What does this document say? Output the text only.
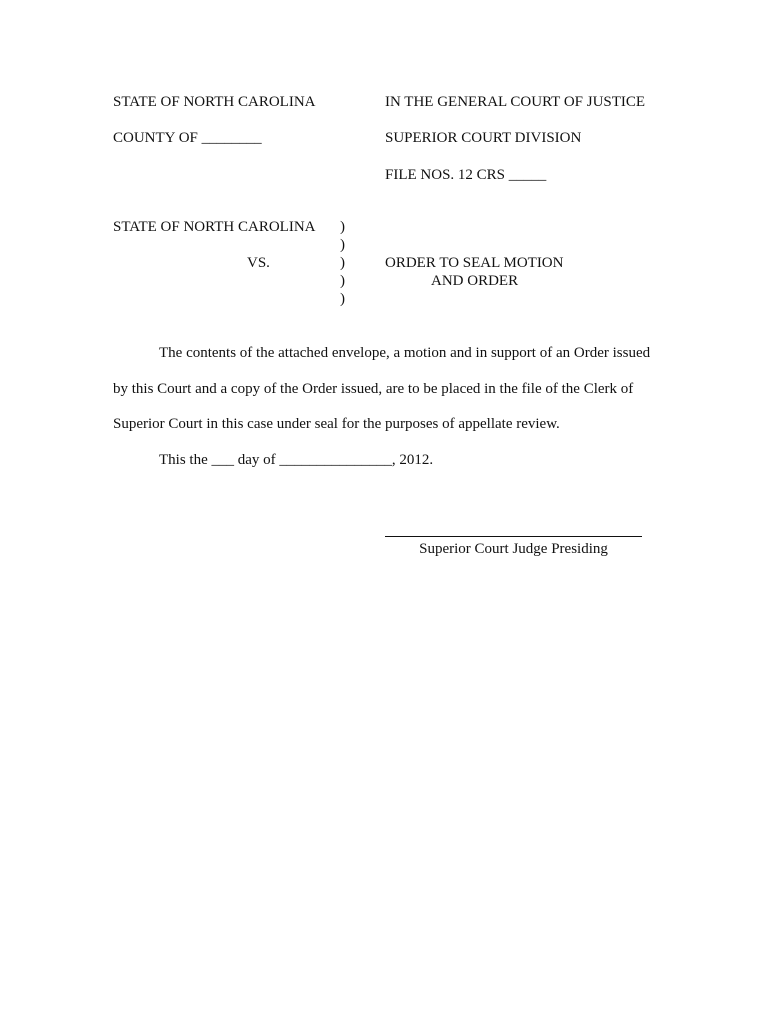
STATE OF NORTH CAROLINA	IN THE GENERAL COURT OF JUSTICE
COUNTY OF ________	SUPERIOR COURT DIVISION
FILE NOS. 12 CRS _____
STATE OF NORTH CAROLINA
VS.
)
)
)
)
)
ORDER TO SEAL MOTION
AND ORDER
The contents of the attached envelope, a motion and in support of an Order issued
by this Court and a copy of the Order issued, are to be placed in the file of the Clerk of
Superior Court in this case under seal for the purposes of appellate review.
This the ___ day of _______________, 2012.
Superior Court Judge Presiding
